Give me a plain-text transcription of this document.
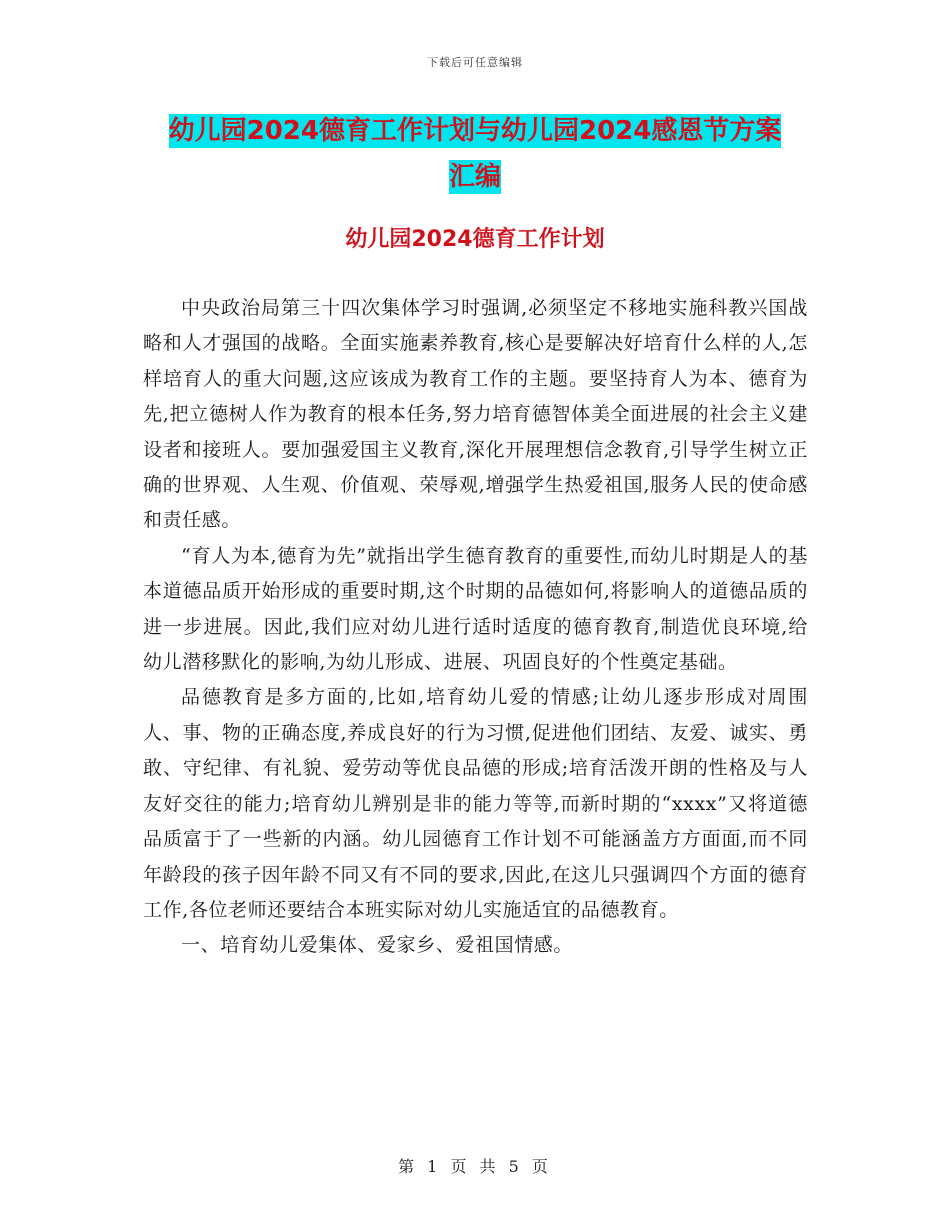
下载后可任意编辑
幼儿园2024德育工作计划与幼儿园2024感恩节方案
汇编
幼儿园2024德育工作计划

中央政治局第三十四次集体学习时强调,必须坚定不移地实施科教兴国战略和人才强国的战略。全面实施素养教育,核心是要解决好培育什么样的人,怎样培育人的重大问题,这应该成为教育工作的主题。要坚持育人为本、德育为先,把立德树人作为教育的根本任务,努力培育德智体美全面进展的社会主义建设者和接班人。要加强爱国主义教育,深化开展理想信念教育,引导学生树立正确的世界观、人生观、价值观、荣辱观,增强学生热爱祖国,服务人民的使命感和责任感。

“育人为本,德育为先”就指出学生德育教育的重要性,而幼儿时期是人的基本道德品质开始形成的重要时期,这个时期的品德如何,将影响人的道德品质的进一步进展。因此,我们应对幼儿进行适时适度的德育教育,制造优良环境,给幼儿潜移默化的影响,为幼儿形成、进展、巩固良好的个性奠定基础。

品德教育是多方面的,比如,培育幼儿爱的情感;让幼儿逐步形成对周围人、事、物的正确态度,养成良好的行为习惯,促进他们团结、友爱、诚实、勇敢、守纪律、有礼貌、爱劳动等优良品德的形成;培育活泼开朗的性格及与人友好交往的能力;培育幼儿辨别是非的能力等等,而新时期的“xxxx”又将道德品质富于了一些新的内涵。幼儿园德育工作计划不可能涵盖方方面面,而不同年龄段的孩子因年龄不同又有不同的要求,因此,在这儿只强调四个方面的德育工作,各位老师还要结合本班实际对幼儿实施适宜的品德教育。

一、培育幼儿爱集体、爱家乡、爱祖国情感。

第 1 页 共 5 页
